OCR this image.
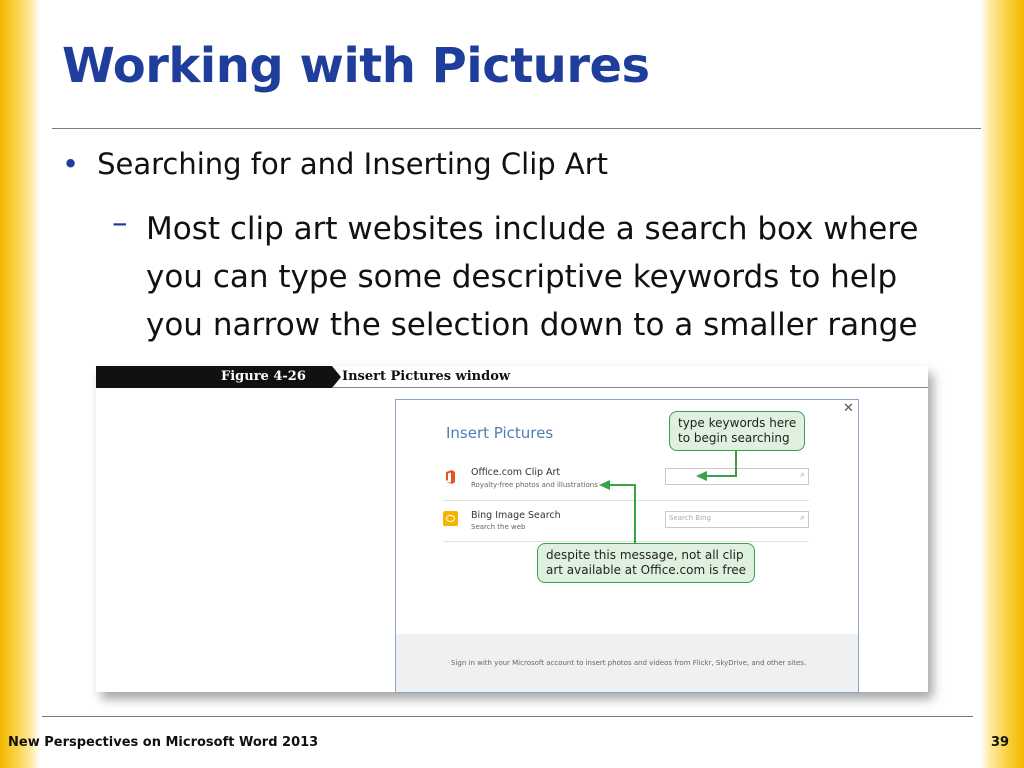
Working with Pictures
• Searching for and Inserting Clip Art
– Most clip art websites include a search box where
you can type some descriptive keywords to help
you narrow the selection down to a smaller range
Figure 4-26	Insert Pictures window
✕
Insert Pictures
Office.com Clip Art
Royalty-free photos and illustrations
⌕
Bing Image Search
Search the web
Search Bing	⌕
Sign in with your Microsoft account to insert photos and videos from Flickr, SkyDrive, and other sites.
type keywords here
to begin searching
despite this message, not all clip
art available at Office.com is free
New Perspectives on Microsoft Word 2013	39
